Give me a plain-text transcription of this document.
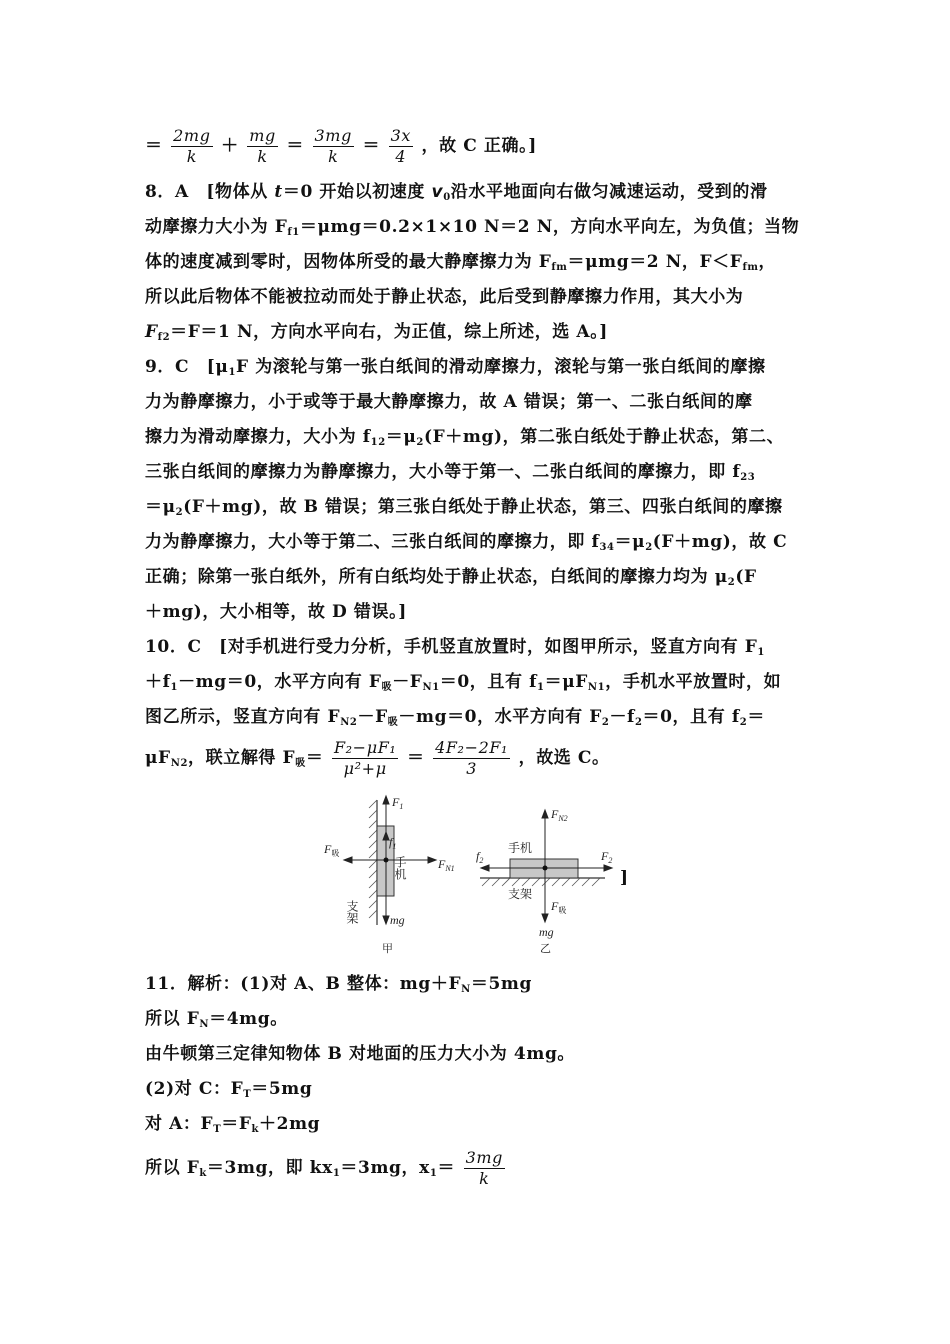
＝ $\frac{2mg}{k} + \frac{mg}{k} = \frac{3mg}{k} = \frac{3x}{4}$ ，故 C 正确。]
8．A　[物体从 t＝0 开始以初速度 $v_0$沿水平地面向右做匀减速运动，受到的滑
动摩擦力大小为 $F_{f1}=\mu mg=0.2\times 1\times 10$ N＝2 N，方向水平向左，为负值；当物
体的速度减到零时，因物体所受的最大静摩擦力为 $F_{fm}=\mu mg=2$ N，$F<F_{fm}$，
所以此后物体不能被拉动而处于静止状态，此后受到静摩擦力作用，其大小为
$F_{f2}=F=1$ N，方向水平向右，为正值，综上所述，选 A。]
9．C　[$\mu_1F$ 为滚轮与第一张白纸间的滑动摩擦力，滚轮与第一张白纸间的摩擦
力为静摩擦力，小于或等于最大静摩擦力，故 A 错误；第一、二张白纸间的摩
擦力为滑动摩擦力，大小为 $f_{12}=\mu_2(F+mg)$，第二张白纸处于静止状态，第二、
三张白纸间的摩擦力为静摩擦力，大小等于第一、二张白纸间的摩擦力，即 $f_{23}$
$=\mu_2(F+mg)$，故 B 错误；第三张白纸处于静止状态，第三、四张白纸间的摩擦
力为静摩擦力，大小等于第二、三张白纸间的摩擦力，即 $f_{34}=\mu_2(F+mg)$，故 C
正确；除第一张白纸外，所有白纸均处于静止状态，白纸间的摩擦力均为 $\mu_2(F$
＋mg)，大小相等，故 D 错误。]
10．C　[对手机进行受力分析，手机竖直放置时，如图甲所示，竖直方向有 $F_1$
$+f_1-mg=0$，水平方向有 $F_吸-F_{N1}=0$，且有 $f_1=\mu F_{N1}$，手机水平放置时，如
图乙所示，竖直方向有 $F_{N2}-F_吸-mg=0$，水平方向有 $F_2-f_2=0$，且有 $f_2=$
$\mu F_{N2}$，联立解得 $F_吸= \frac{\text{F₂−μF₁}}{\text{μ²+μ}} = \frac{\text{4F₂−2F₁}}{3}$ ，故选 C。
$F_1$
$f_1$
$F_吸$
$F_{N1}$
手机
支架	mg
甲
$F_{N2}$
手机
$f_2$	$F_2$
支架
$F_吸$
mg
乙
]
11．解析：(1)对 A、B 整体：$mg+F_N=5mg$
所以 $F_N=4mg$。
由牛顿第三定律知物体 B 对地面的压力大小为 4mg。
(2)对 C：$F_T=5mg$
对 A：$F_T=F_k+2mg$
所以 $F_k=3mg$，即 $kx_1=3mg$，$x_1= \frac{3mg}{k}$
